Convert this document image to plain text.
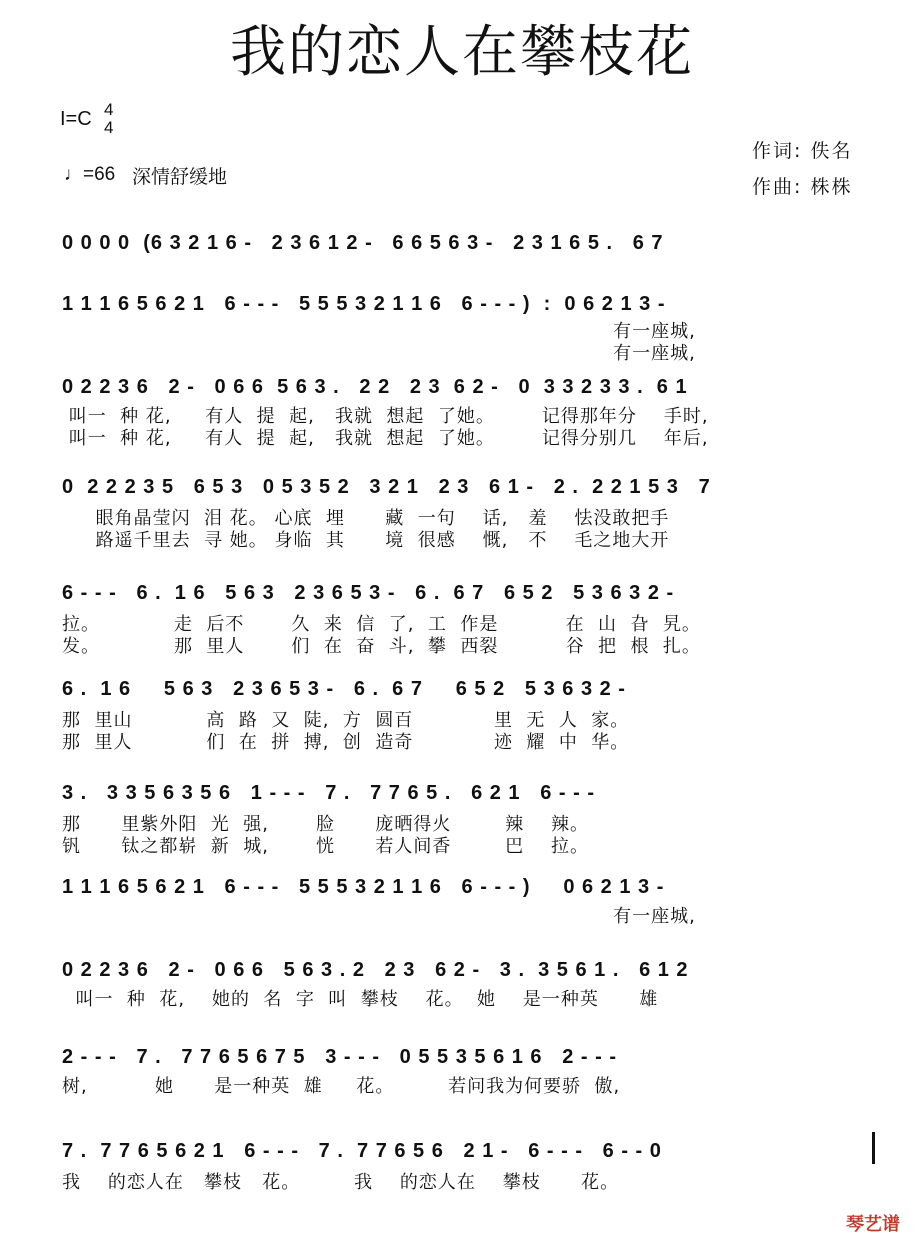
我的恋人在攀枝花
I=C 4
4
♩=66 深情舒缓地
作词: 佚名
作曲: 株株
0 0 0 0  (6 3 2 1 6 -   2 3 6 1 2 -   6 6 5 6 3 -   2 3 1 6 5 .   6 7
1 1 1 6 5 6 2 1   6 - - -   5 5 5 3 2 1 1 6   6 - - - )  :  0 6 2 1 3 -
有一座城,
有一座城,
0 2 2 3 6   2 -   0 6 6  5 6 3 .   2 2   2 3  6 2 -   0  3 3 2 3 3 .  6 1
叫一  种 花,     有人  提  起,   我就  想起  了她。       记得那年分    手时,
叫一  种 花,     有人  提  起,   我就  想起  了她。       记得分别几    年后,
0  2 2 2 3 5   6 5 3   0 5 3 5 2   3 2 1   2 3   6 1 -   2 .  2 2 1 5 3   7
眼角晶莹闪  泪 花。 心底  埋      藏  一句    话,   羞    怯没敢把手
路遥千里去  寻 她。 身临  其      境  很感    慨,   不    毛之地大开
6 - - -   6 .  1 6   5 6 3   2 3 6 5 3 -   6 .  6 7   6 5 2   5 3 6 3 2 -
拉。           走  后不       久  来  信  了,  工  作是          在  山  旮  旯。
发。           那  里人       们  在  奋  斗,  攀  西裂          谷  把  根  扎。
6 .  1 6     5 6 3   2 3 6 5 3 -   6 .  6 7     6 5 2   5 3 6 3 2 -
那  里山           高  路  又  陡,  方  圆百            里  无  人  家。
那  里人           们  在  拼  搏,  创  造奇            迹  耀  中  华。
3 .   3 3 5 6 3 5 6   1 - - -   7 .   7 7 6 5 .   6 2 1   6 - - -
那      里紫外阳  光  强,       脸      庞晒得火        辣    辣。
钒      钛之都崭  新  城,       恍      若人间香        巴    拉。
1 1 1 6 5 6 2 1   6 - - -   5 5 5 3 2 1 1 6   6 - - - )     0 6 2 1 3 -
有一座城,
0 2 2 3 6   2 -   0 6 6   5 6 3 . 2   2 3   6 2 -   3 .  3 5 6 1 .   6 1 2
叫一  种  花,    她的  名  字  叫  攀枝    花。  她    是一种英      雄
2 - - -   7 .   7 7 6 5 6 7 5   3 - - -   0 5 5 3 5 6 1 6   2 - - -
树,          她      是一种英  雄     花。        若问我为何要骄  傲,
7 .  7 7 6 5 6 2 1   6 - - -   7 .  7 7 6 5 6   2 1 -   6 - - -   6 - - 0
我    的恋人在   攀枝   花。        我    的恋人在    攀枝      花。
琴艺谱
